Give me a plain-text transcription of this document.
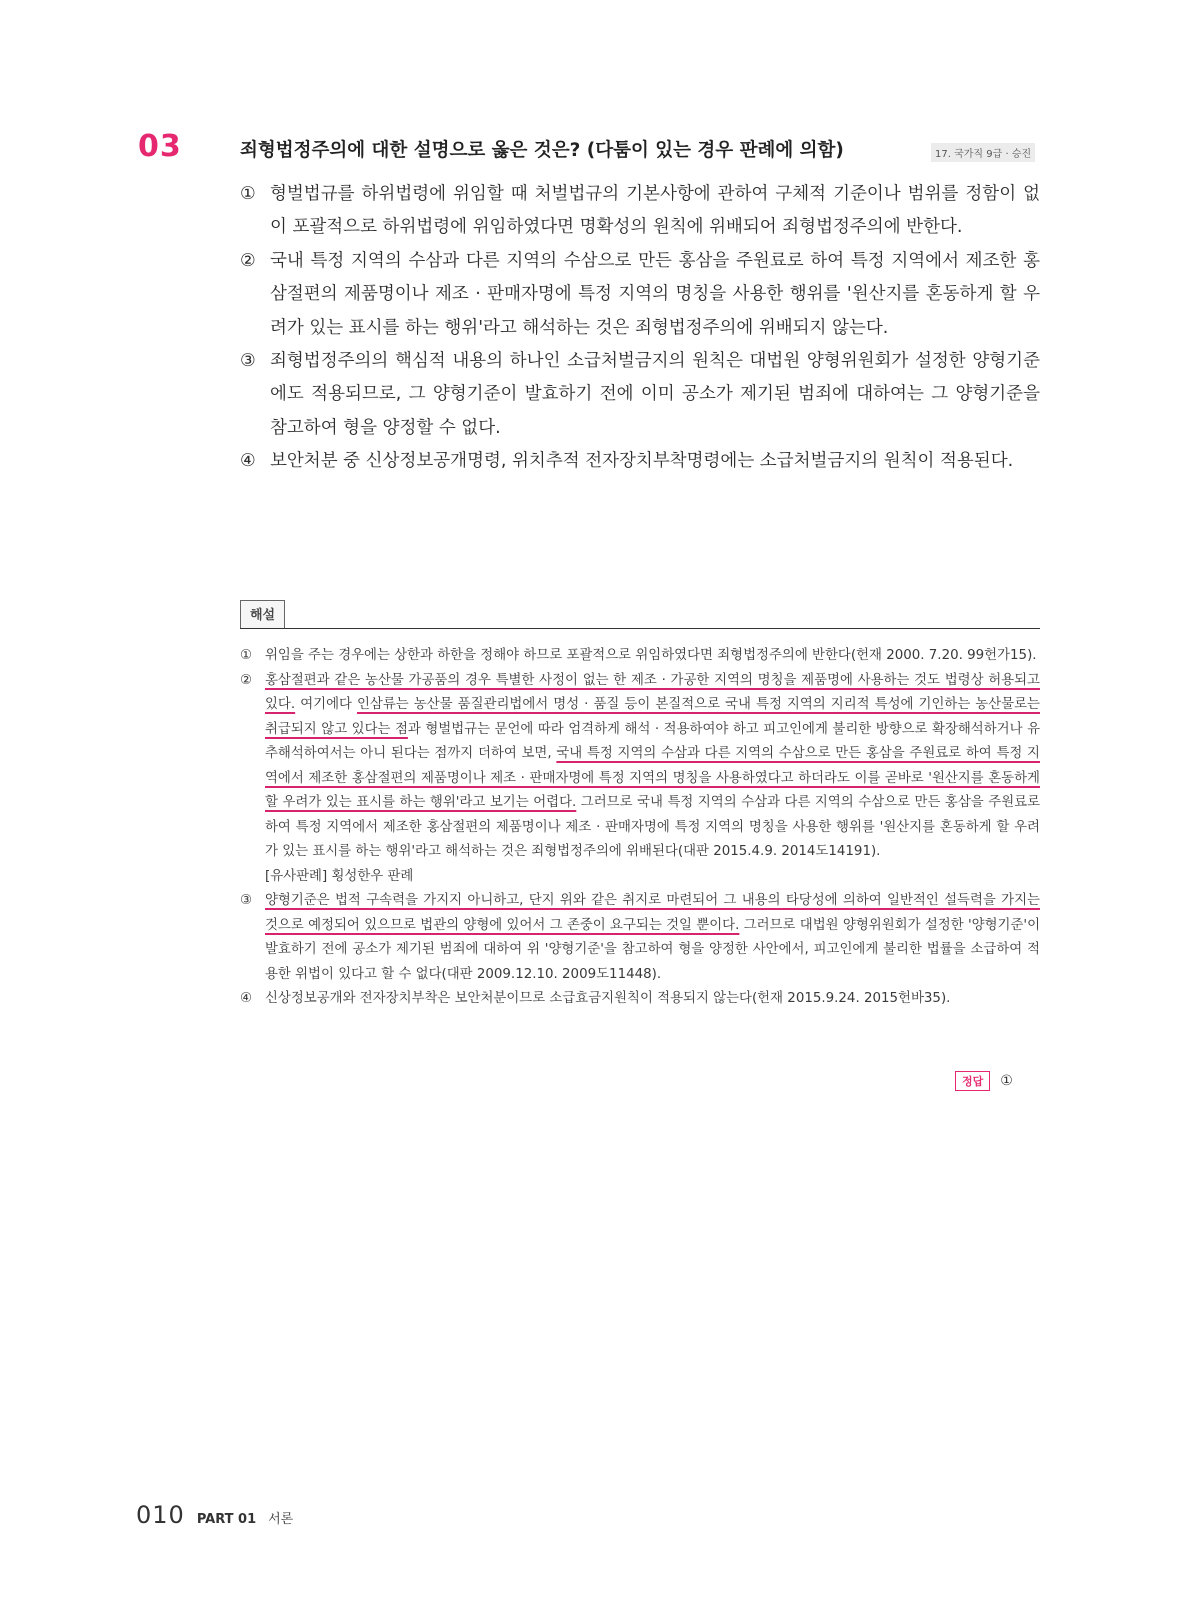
03	죄형법정주의에 대한 설명으로 옳은 것은? (다툼이 있는 경우 판례에 의함)	17. 국가직 9급 · 승진
① 형벌법규를 하위법령에 위임할 때 처벌법규의 기본사항에 관하여 구체적 기준이나 범위를 정함이 없이 포괄적으로 하위법령에 위임하였다면 명확성의 원칙에 위배되어 죄형법정주의에 반한다.
② 국내 특정 지역의 수삼과 다른 지역의 수삼으로 만든 홍삼을 주원료로 하여 특정 지역에서 제조한 홍삼절편의 제품명이나 제조 · 판매자명에 특정 지역의 명칭을 사용한 행위를 '원산지를 혼동하게 할 우려가 있는 표시를 하는 행위'라고 해석하는 것은 죄형법정주의에 위배되지 않는다.
③ 죄형법정주의의 핵심적 내용의 하나인 소급처벌금지의 원칙은 대법원 양형위원회가 설정한 양형기준에도 적용되므로, 그 양형기준이 발효하기 전에 이미 공소가 제기된 범죄에 대하여는 그 양형기준을 참고하여 형을 양정할 수 없다.
④ 보안처분 중 신상정보공개명령, 위치추적 전자장치부착명령에는 소급처벌금지의 원칙이 적용된다.
해설
① 위임을 주는 경우에는 상한과 하한을 정해야 하므로 포괄적으로 위임하였다면 죄형법정주의에 반한다(헌재 2000. 7.20. 99헌가15).
② 홍삼절편과 같은 농산물 가공품의 경우 특별한 사정이 없는 한 제조 · 가공한 지역의 명칭을 제품명에 사용하는 것도 법령상 허용되고 있다. 여기에다 인삼류는 농산물 품질관리법에서 명성 · 품질 등이 본질적으로 국내 특정 지역의 지리적 특성에 기인하는 농산물로는 취급되지 않고 있다는 점과 형벌법규는 문언에 따라 엄격하게 해석 · 적용하여야 하고 피고인에게 불리한 방향으로 확장해석하거나 유추해석하여서는 아니 된다는 점까지 더하여 보면, 국내 특정 지역의 수삼과 다른 지역의 수삼으로 만든 홍삼을 주원료로 하여 특정 지역에서 제조한 홍삼절편의 제품명이나 제조 · 판매자명에 특정 지역의 명칭을 사용하였다고 하더라도 이를 곧바로 '원산지를 혼동하게 할 우려가 있는 표시를 하는 행위'라고 보기는 어렵다. 그러므로 국내 특정 지역의 수삼과 다른 지역의 수삼으로 만든 홍삼을 주원료로 하여 특정 지역에서 제조한 홍삼절편의 제품명이나 제조 · 판매자명에 특정 지역의 명칭을 사용한 행위를 '원산지를 혼동하게 할 우려가 있는 표시를 하는 행위'라고 해석하는 것은 죄형법정주의에 위배된다(대판 2015.4.9. 2014도14191).
[유사판례] 횡성한우 판례
③ 양형기준은 법적 구속력을 가지지 아니하고, 단지 위와 같은 취지로 마련되어 그 내용의 타당성에 의하여 일반적인 설득력을 가지는 것으로 예정되어 있으므로 법관의 양형에 있어서 그 존중이 요구되는 것일 뿐이다. 그러므로 대법원 양형위원회가 설정한 '양형기준'이 발효하기 전에 공소가 제기된 범죄에 대하여 위 '양형기준'을 참고하여 형을 양정한 사안에서, 피고인에게 불리한 법률을 소급하여 적용한 위법이 있다고 할 수 없다(대판 2009.12.10. 2009도11448).
④ 신상정보공개와 전자장치부착은 보안처분이므로 소급효금지원칙이 적용되지 않는다(헌재 2015.9.24. 2015헌바35).
정답	①
010 PART 01 서론
